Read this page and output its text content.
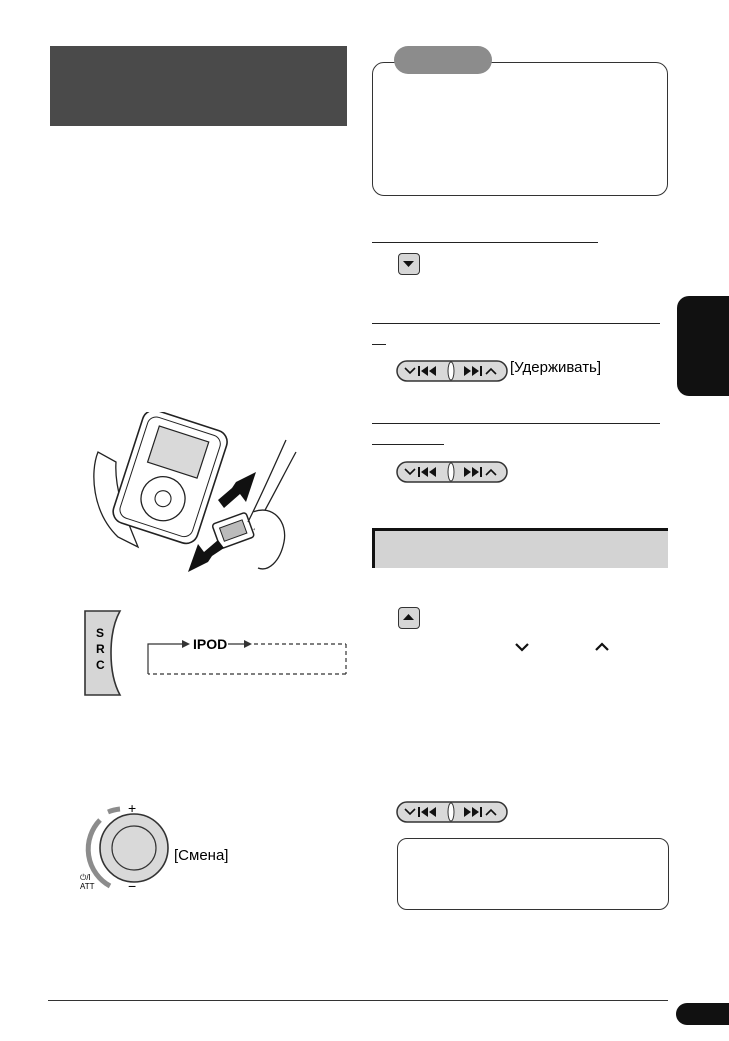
[Удерживать]
S
R
C
IPOD
+
−
⏻/I
ATT
[Смена]
